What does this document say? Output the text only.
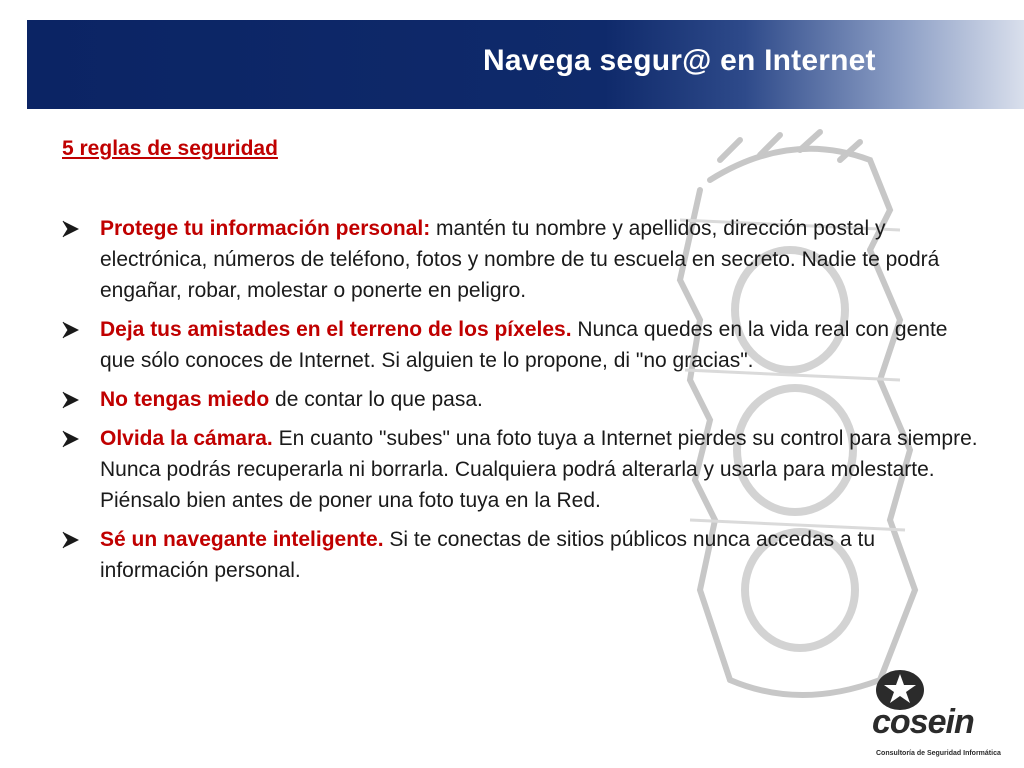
Navega segur@ en Internet
5 reglas de seguridad
Protege tu información personal: mantén tu nombre y apellidos, dirección postal y electrónica, números de teléfono, fotos y nombre de tu escuela en secreto. Nadie te podrá engañar, robar, molestar o ponerte en peligro.
Deja tus amistades en el terreno de los píxeles. Nunca quedes en la vida real con gente que sólo conoces de Internet. Si alguien te lo propone, di "no gracias".
No tengas miedo de contar lo que pasa.
Olvida la cámara. En cuanto "subes" una foto tuya a Internet pierdes su control para siempre. Nunca podrás recuperarla ni borrarla. Cualquiera podrá alterarla y usarla para molestarte. Piénsalo bien antes de poner una foto tuya en la Red.
Sé un navegante inteligente. Si te conectas de sitios públicos nunca accedas a tu información personal.
cosein
Consultoría de Seguridad Informática
